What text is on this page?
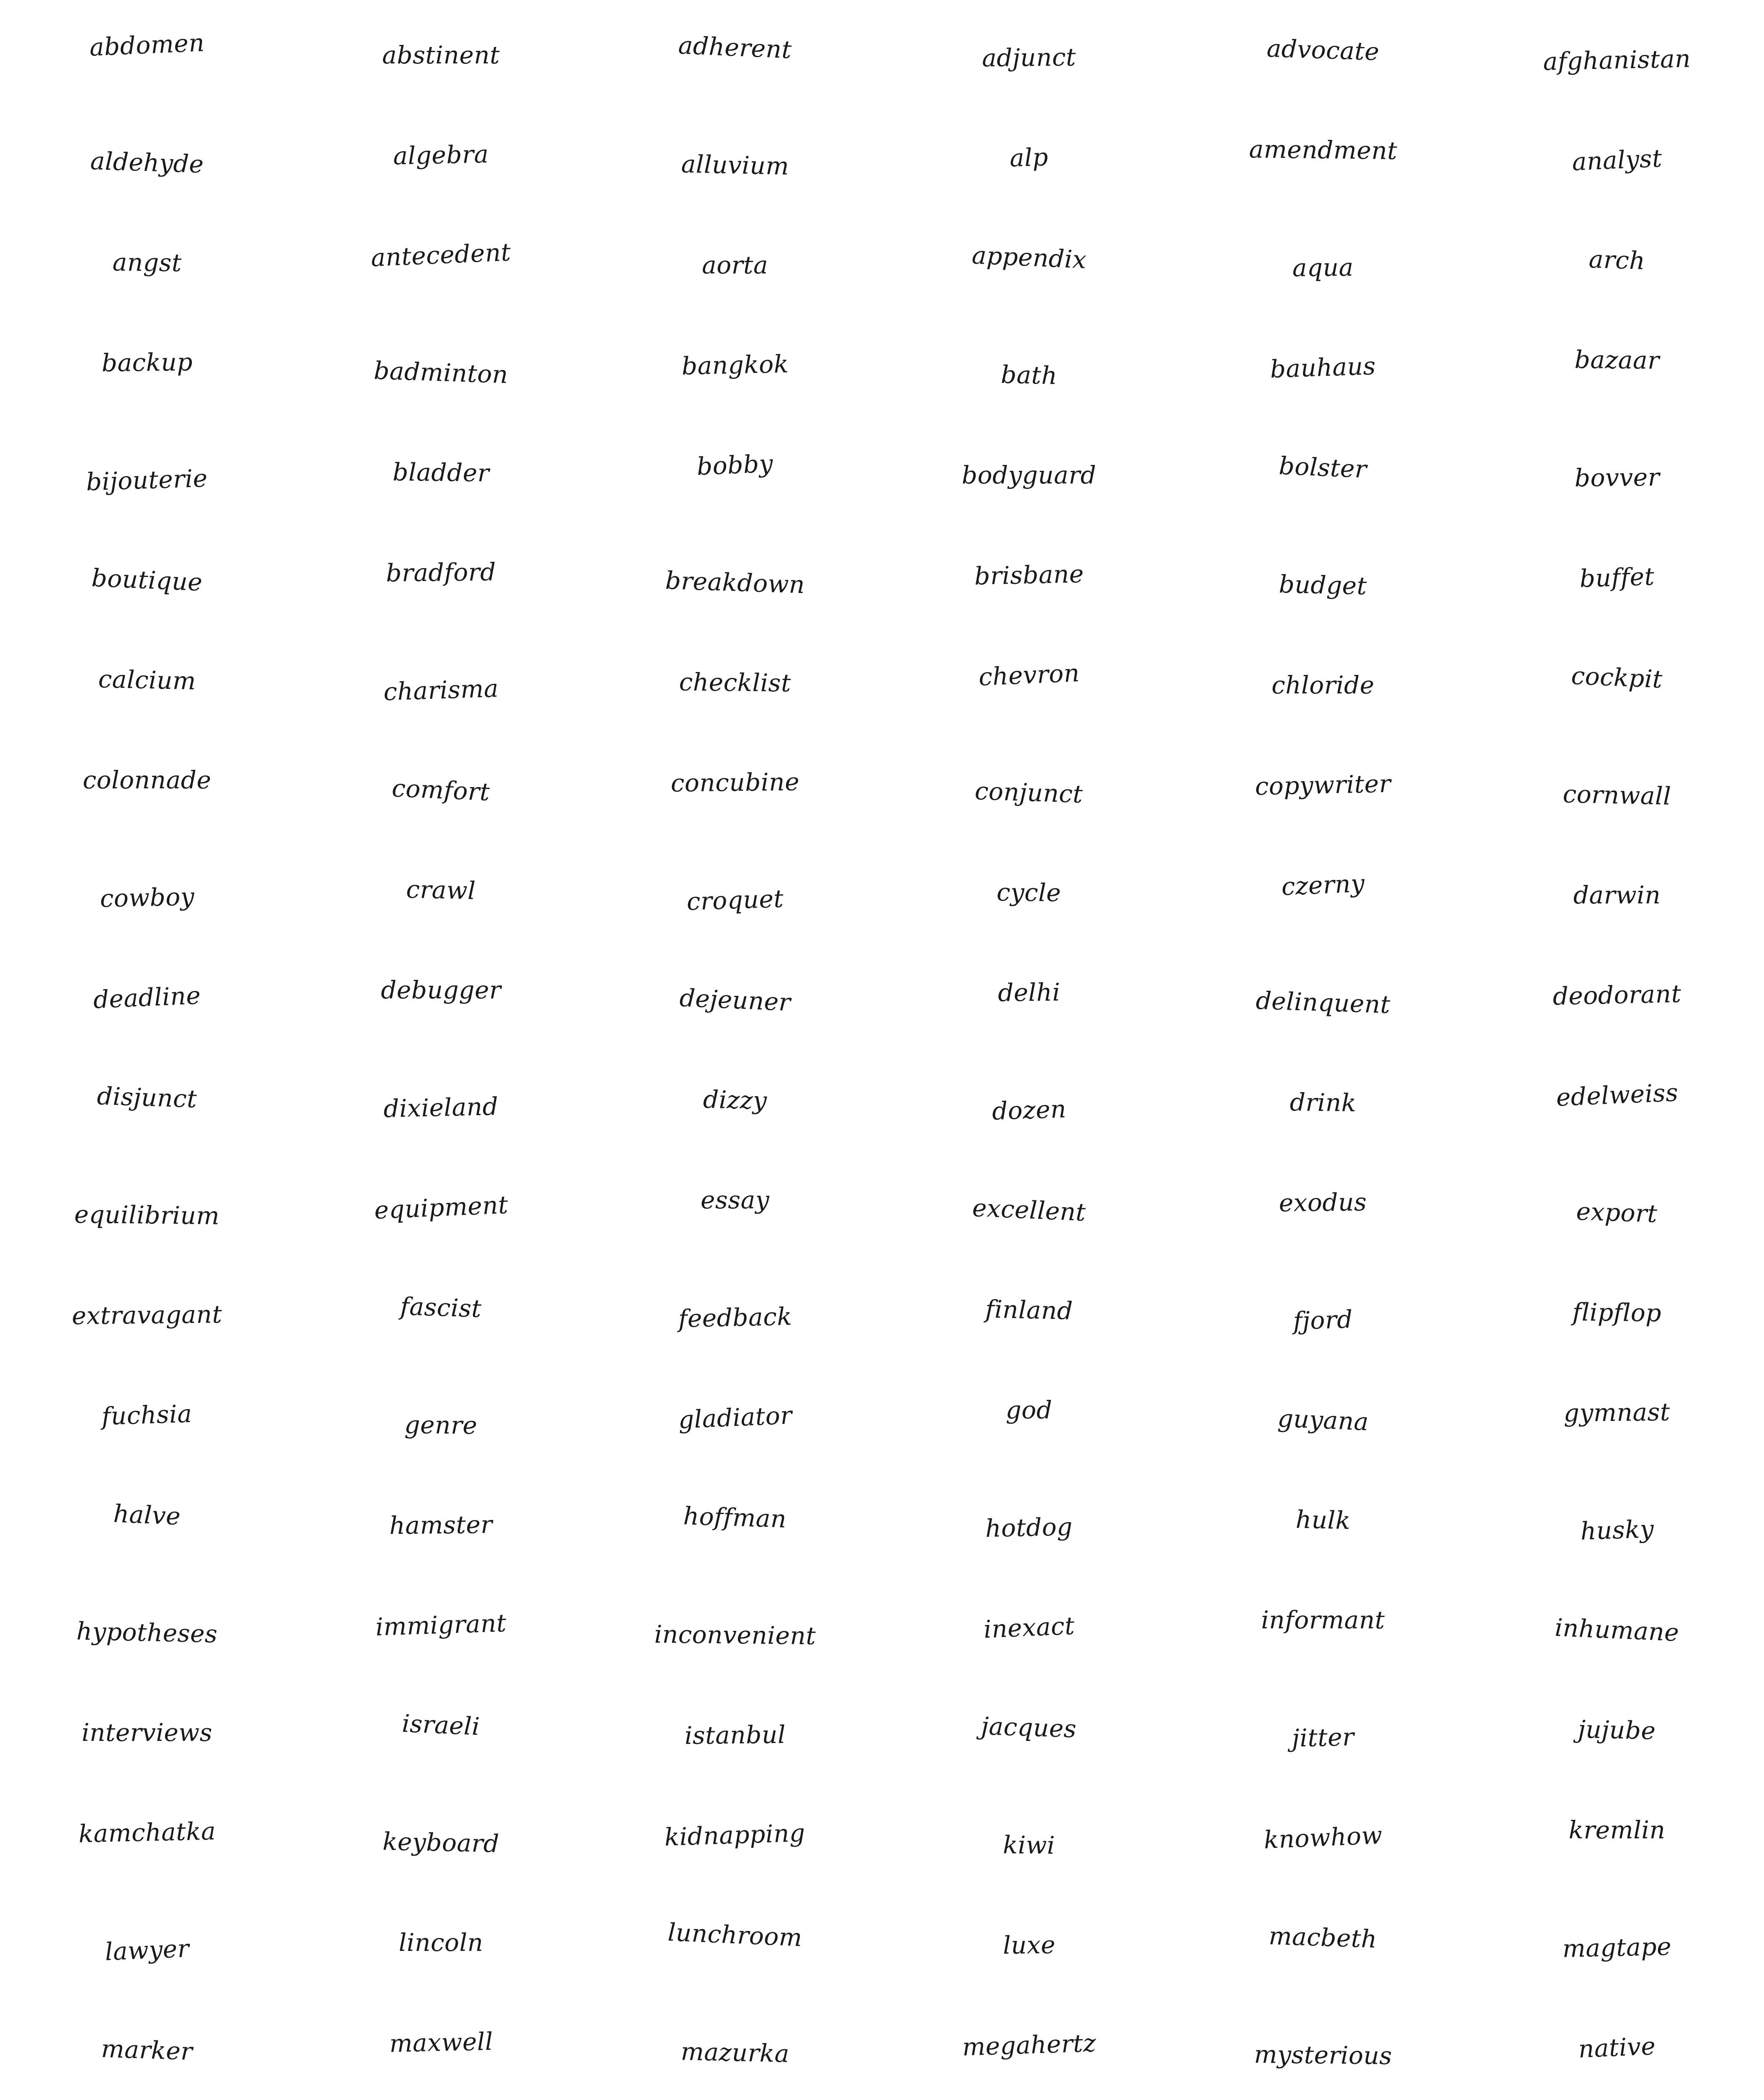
abdomen	abstinent	adherent	adjunct	advocate	afghanistan
aldehyde	algebra	alluvium	alp	amendment	analyst
angst	antecedent	aorta	appendix	aqua	arch
backup	badminton	bangkok	bath	bauhaus	bazaar
bijouterie	bladder	bobby	bodyguard	bolster	bovver
boutique	bradford	breakdown	brisbane	budget	buffet
calcium	charisma	checklist	chevron	chloride	cockpit
colonnade	comfort	concubine	conjunct	copywriter	cornwall
cowboy	crawl	croquet	cycle	czerny	darwin
deadline	debugger	dejeuner	delhi	delinquent	deodorant
disjunct	dixieland	dizzy	dozen	drink	edelweiss
equilibrium	equipment	essay	excellent	exodus	export
extravagant	fascist	feedback	finland	fjord	flipflop
fuchsia	genre	gladiator	god	guyana	gymnast
halve	hamster	hoffman	hotdog	hulk	husky
hypotheses	immigrant	inconvenient	inexact	informant	inhumane
interviews	israeli	istanbul	jacques	jitter	jujube
kamchatka	keyboard	kidnapping	kiwi	knowhow	kremlin
lawyer	lincoln	lunchroom	luxe	macbeth	magtape
marker	maxwell	mazurka	megahertz	mysterious	native
